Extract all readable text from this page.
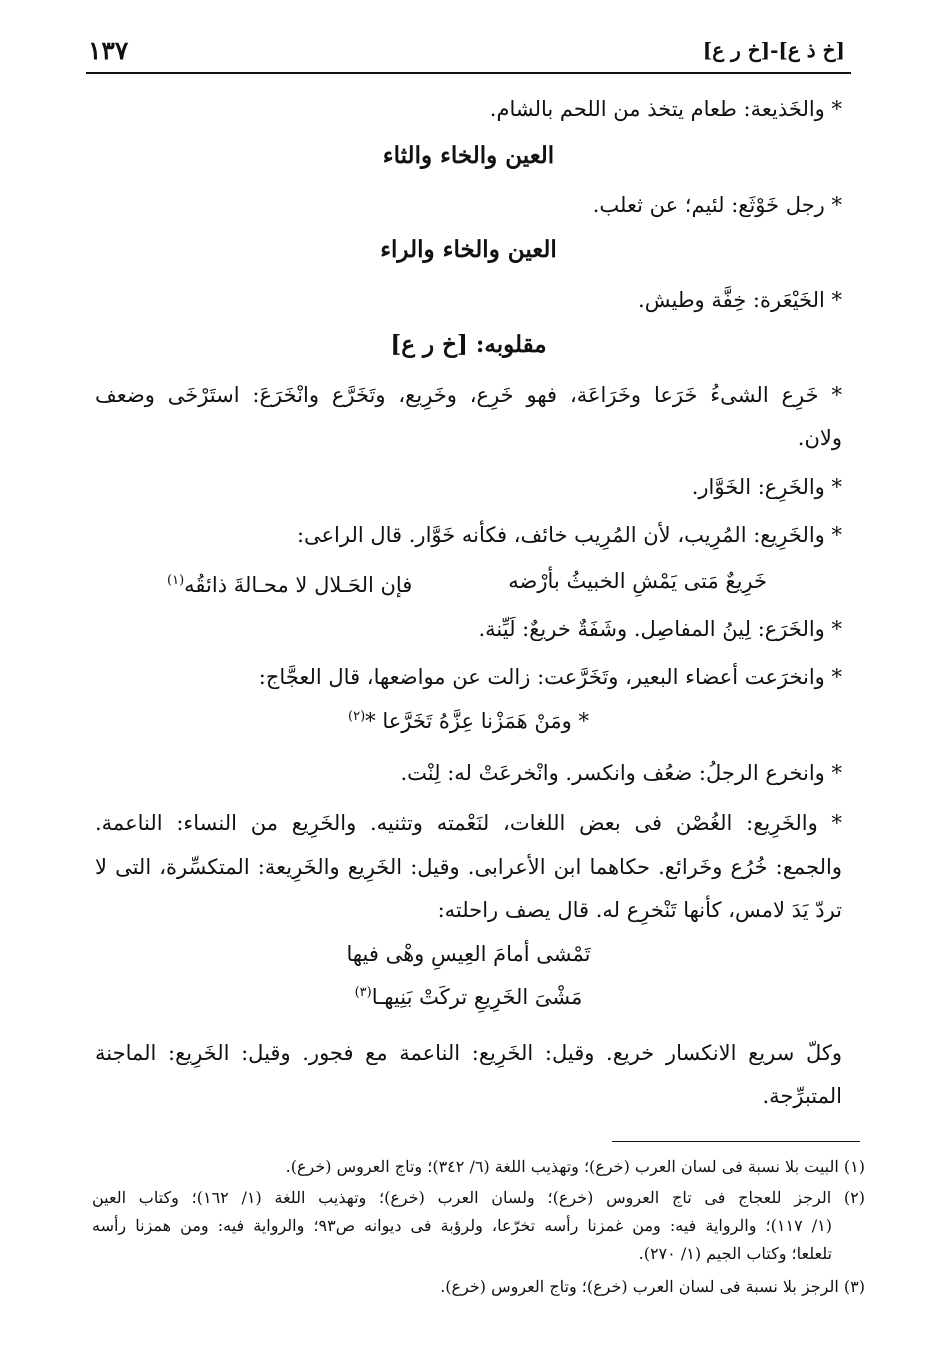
١٣٧	[خ ذ ع]-[خ ر ع]
* والخَذيعة: طعام يتخذ من اللحم بالشام.
العين والخاء والثاء
* رجل خَوْثَع: لئيم؛ عن ثعلب.
العين والخاء والراء
* الخَيْعَرة: خِفَّة وطيش.
مقلوبه: [خ ر ع]
* خَرِع الشىءُ خَرَعا وخَرَاعَة، فهو خَرِع، وخَرِيع، وتَخَرَّع وانْخَرَعَ: استَرْخَى وضعف
ولان.
* والخَرِع: الخَوَّار.
* والخَرِيع: المُرِيب، لأن المُرِيب خائف، فكأنه خَوَّار. قال الراعى:
خَرِيعٌ مَتى يَمْشِ الخبيثُ بأرْضه
فإن الحَـلال لا محـالةَ ذائقُه$^{(١)}$
* والخَرَع: لِينُ المفاصِل. وشَفَةٌ خريعٌ: لَيِّنة.
* وانخرَعت أعضاء البعير، وتَخَرَّعت: زالت عن مواضعها، قال العجَّاج:
* ومَنْ هَمَزْنا عِزَّهُ تَخَرَّعا *$^{(٢)}$
* وانخرع الرجلُ: ضعُف وانكسر. وانْخرعَتْ له: لِنْت.
* والخَرِيع: الغُصْن فى بعض اللغات، لنَعْمته وتثنيه. والخَرِيع من النساء: الناعمة.
والجمع: خُرُع وخَرائع. حكاهما ابن الأعرابى. وقيل: الخَرِيع والخَرِيعة: المتكسِّرة، التى لا
تردّ يَدَ لامس، كأنها تَنْخرِع له. قال يصف راحلته:
تَمْشى أمامَ العِيسِ وهْى فيها
مَشْىَ الخَرِيعِ تركَتْ بَنِيهـا$^{(٣)}$
وكلّ سريع الانكسار خريع. وقيل: الخَرِيع: الناعمة مع فجور. وقيل: الخَرِيع: الماجنة
المتبرِّجة.
(١) البيت بلا نسبة فى لسان العرب (خرع)؛ وتهذيب اللغة (٦/ ٣٤٢)؛ وتاج العروس (خرع).
(٢) الرجز للعجاج فى تاج العروس (خرع)؛ ولسان العرب (خرع)؛ وتهذيب اللغة (١/ ١٦٢)؛ وكتاب العين
(١/ ١١٧)؛ والرواية فيه: ومن غمزنا رأسه تخرّعا، ولرؤبة فى ديوانه ص٩٣؛ والرواية فيه: ومن همزنا رأسه
تلعلعا؛ وكتاب الجيم (١/ ٢٧٠).
(٣) الرجز بلا نسبة فى لسان العرب (خرع)؛ وتاج العروس (خرع).
